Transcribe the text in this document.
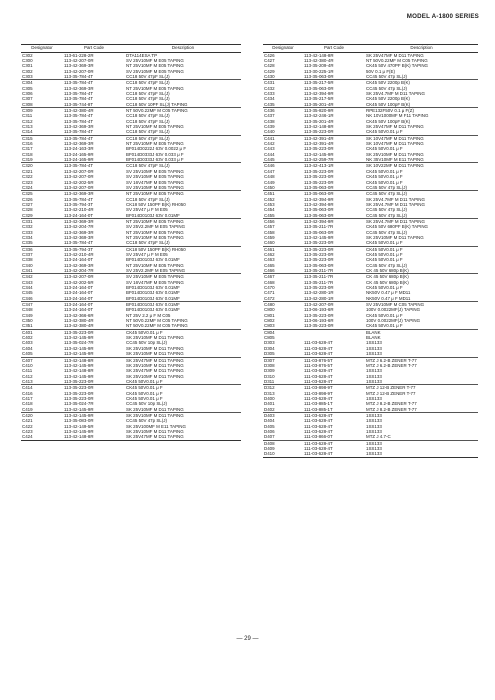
MODEL A-1800 SERIES
Designator	Part Code	Description
C302	113-61-228-2R	DTA114ESA TP
C300	113-42-207-0R	SV 25V10MF M E05 TAPING
C301	113-42-369-3R	NT 25V10MF M E05 TAPING
C302	113-42-207-0R	SV 25V10MF M E05 TAPING
C303	113-35-784-4T	CC18 50V 47pF SL(J)
C304	113-35-784-4T	CC18 50V 47pF SL(J)
C305	113-42-369-3R	NT 25V10MF M E05 TAPING
C306	113-35-784-4T	CC18 50V 47pF SL(J)
C307	113-35-784-4T	CC18 50V 47pF SL(J)
C308	113-35-744-8T	CC18 50V 10PF SL(J) TAPING
C309	113-42-380-4R	NT 50V0.22MF M C05 TAPING
C311	113-35-784-4T	CC18 50V 47pF SL(J)
C312	113-35-784-4T	CC18 50V 47pF SL(J)
C313	113-42-369-3R	NT 25V10MF M E05 TAPING
C314	113-35-784-4T	CC18 50V 47pF SL(J)
C315	113-35-784-4T	CC18 50V 47pF SL(J)
C316	113-42-369-3R	NT 25V10MF M E05 TAPING
C317	113-24-163-3R	BF014D0222J 63V 0.0022 μ F
C318	113-24-165-9R	BF014D0333J 63V 0.033 μ F
C319	113-24-165-9R	BF014D0333J 63V 0.033 μ F
C320	113-35-784-4T	CC18 50V 47pF SL(J)
C321	113-42-207-0R	SV 25V10MF M E05 TAPING
C322	113-42-207-0R	SV 25V10MF M E05 TAPING
C323	113-42-202-5R	SV 16V47MF M E05 TAPING
C324	113-42-207-0R	SV 25V10MF M E05 TAPING
C325	113-42-369-3R	NT 25V10MF M E05 TAPING
C326	113-35-784-4T	CC18 50V 47pF SL(J)
C327	113-35-794-3T	CK18 50V 150PF B(K) RH050
C328	113-42-210-4R	SV 25V47 μ F M E05
C329	113-24-164-0T	BF014D0103J 63V 0.01MF
C331	113-42-369-3R	NT 25V10MF M E05 TAPING
C332	113-42-204-7R	SV 25V2.2MF M E05 TAPING
C333	113-42-369-3R	NT 25V10MF M E05 TAPING
C334	113-42-369-3R	NT 25V10MF M E05 TAPING
C335	113-35-784-4T	CC18 50V 47pF SL(J)
C336	113-35-794-3T	CK18 50V 150PF B(K) RH050
C337	113-42-210-4R	SV 25V47 μ F M E05
C338	113-24-164-0T	BF014D0103J 63V 0.01MF
C340	113-42-369-3R	NT 25V10MF M E05 TAPING
C341	113-42-204-7R	SV 25V2.2MF M E05 TAPING
C342	113-42-207-0R	SV 25V10MF M E05 TAPING
C343	113-42-202-5R	SV 16V47MF M E05 TAPING
C344	113-24-164-0T	BF014D0103J 63V 0.01MF
C345	113-24-164-0T	BF014D0103J 63V 0.01MF
C346	113-24-164-0T	BF014D0103J 63V 0.01MF
C347	113-24-164-0T	BF014D0103J 63V 0.01MF
C348	113-24-164-0T	BF014D0103J 63V 0.01MF
C349	113-42-366-6R	NT 25V 2.2 μ F M C05
C350	113-42-380-4R	NT 50V0.22MF M C05 TAPING
C351	113-42-380-4R	NT 50V0.22MF M C05 TAPING
C401	113-35-223-0R	CK45 50V0.01 μ F
C402	113-42-145-9R	SK 25V10MF M D11 TAPING
C403	113-35-024-7R	CC45 50V 10p SL(J)
C404	113-42-145-9R	SK 25V10MF M D11 TAPING
C405	113-42-145-9R	SK 25V10MF M D11 TAPING
C407	113-42-148-8R	SK 25V47MF M D11 TAPING
C410	113-42-145-9R	SK 25V10MF M D11 TAPING
C411	113-42-148-8R	SK 25V47MF M D11 TAPING
C412	113-42-145-9R	SK 25V10MF M D11 TAPING
C413	113-35-223-0R	CK45 50V0.01 μ F
C414	113-35-223-0R	CK45 50V0.01 μ F
C416	113-35-223-0R	CK45 50V0.01 μ F
C417	113-35-223-0R	CK45 50V0.01 μ F
C418	113-35-024-7R	CC45 50V 10p SL(J)
C419	113-42-145-9R	SK 25V10MF M D11 TAPING
C420	113-42-145-9R	SK 25V10MF M D11 TAPING
C421	113-35-083-0R	CC45 50V 47p SL(J)
C422	113-42-149-5R	SK 25V100MF M E11 TAPING
C423	113-42-145-9R	SK 25V10MF M D11 TAPING
C424	113-42-148-8R	SK 25V47MF M D11 TAPING
Designator	Part Code	Description
C426	113-42-148-8R	SK 25V47MF M D11 TAPING
C427	113-42-380-4R	NT 50V0.22MF M C05 TAPING
C428	113-35-209-4R	CK45 50V 470PF B(K) TAPING
C429	113-30-225-1R	50V 0.1 μ F(E)
C430	113-35-063-0R	CC45 50V 47p SL(J)
C431	113-35-217-5R	CK45 50V 2200p B(K)
C432	113-35-063-0R	CC45 50V 47p SL(J)
C433	113-42-394-9R	SK 25V4.7MF M D11 TAPING
C434	113-35-217-5R	CK45 50V 2200p B(K)
C435	113-35-201-4R	CK45 50V 100pF B(K)
C436	113-35-820-9R	RPE132F50V 0.1 μ F(Z)
C437	113-42-246-1R	NK 10V1000MF M F11 TAPING
C438	113-35-201-4R	CK45 50V 100pF B(K)
C439	113-42-148-8R	SK 25V47MF M D11 TAPING
C440	113-35-223-0R	CK45 50V0.01 μ F
C441	113-42-391-4R	SK 10V47MF M D11 TAPING
C442	113-42-391-4R	SK 10V47MF M D11 TAPING
C443	113-35-223-0R	CK45 50V0.01 μ F
C444	113-42-145-9R	SK 25V10MF M D11 TAPING
C445	113-42-259-7R	NK 35V10MF M E11 TAPING
C446	113-42-413-1R	SK 10V22MF M D11 TAPING
C447	113-35-223-0R	CK45 50V0.01 μ F
C448	113-35-223-0R	CK45 50V0.01 μ F
C449	113-35-223-0R	CK45 50V0.01 μ F
C450	113-35-063-0R	CC45 50V 47p SL(J)
C451	113-35-063-0R	CC45 50V 47p SL(J)
C452	113-42-394-9R	SK 25V4.7MF M D11 TAPING
C453	113-42-394-9R	SK 25V4.7MF M D11 TAPING
C454	113-35-063-0R	CC45 50V 47p SL(J)
C455	113-35-063-0R	CC45 50V 47p SL(J)
C456	113-42-394-9R	SK 25V4.7MF M D11 TAPING
C457	113-35-211-7R	CK45 50V 680PF B(K) TAPING
C458	113-35-063-0R	CC45 50V 47p SL(J)
C459	113-42-145-9R	SK 25V10MF M D11 TAPING
C460	113-35-223-0R	CK45 50V0.01 μ F
C461	113-35-223-0R	CK45 50V0.01 μ F
C462	113-35-223-0R	CK45 50V0.01 μ F
C463	113-35-223-0R	CK45 50V0.01 μ F
C465	113-35-063-0R	CC45 50V 47p SL(J)
C466	113-35-211-7R	CK 45 50V 680p B(K)
C467	113-35-211-7R	CK 45 50V 680p B(K)
C468	113-35-211-7R	CK 45 50V 680p B(K)
C470	113-35-223-0R	CK45 50V0.01 μ F
C471	113-42-280-1R	NK50V 0.47 μ F MD11
C472	113-42-280-1R	NK50V 0.47 μ F MD11
C480	113-42-207-0R	SV 25V10MF M C05 TAPING
C800	113-06-193-6R	100V 0.0022MF(J) TAPING
C801	113-35-223-0R	CK45 50V0.01 μ F
C802	113-06-193-6R	100V 0.0022MF(J) TAPING
C803	113-35-223-0R	CK45 50V0.01 μ F
C804		BLANK
C805		BLANK
D303	111-03-628-4T	1SS133
D304	111-03-628-4T	1SS133
D305	111-03-628-4T	1SS133
D307	111-03-876-5T	MTZ J 6.2-B ZENER T-77
D308	111-03-876-5T	MTZ J 6.2-B ZENER T-77
D309	111-03-628-4T	1SS133
D310	111-03-628-4T	1SS133
D311	111-03-628-4T	1SS133
D312	111-03-898-9T	MTZ J 12-B ZENER T-77
D313	111-03-898-9T	MTZ J 12-B ZENER T-77
D400	111-03-628-4T	1SS133
D401	111-03-885-1T	MTZ J 8.2-B ZENER T-77
D402	111-03-885-1T	MTZ J 8.2-B ZENER T-77
D403	111-03-628-4T	1SS133
D404	111-03-628-4T	1SS133
D405	111-03-628-4T	1SS133
D406	111-03-628-4T	1SS133
D407	111-03-866-0T	MTZ J 4.7-C
D408	111-03-628-4T	1SS133
D409	111-03-628-4T	1SS133
D410	111-03-628-4T	1SS133
— 29 —
